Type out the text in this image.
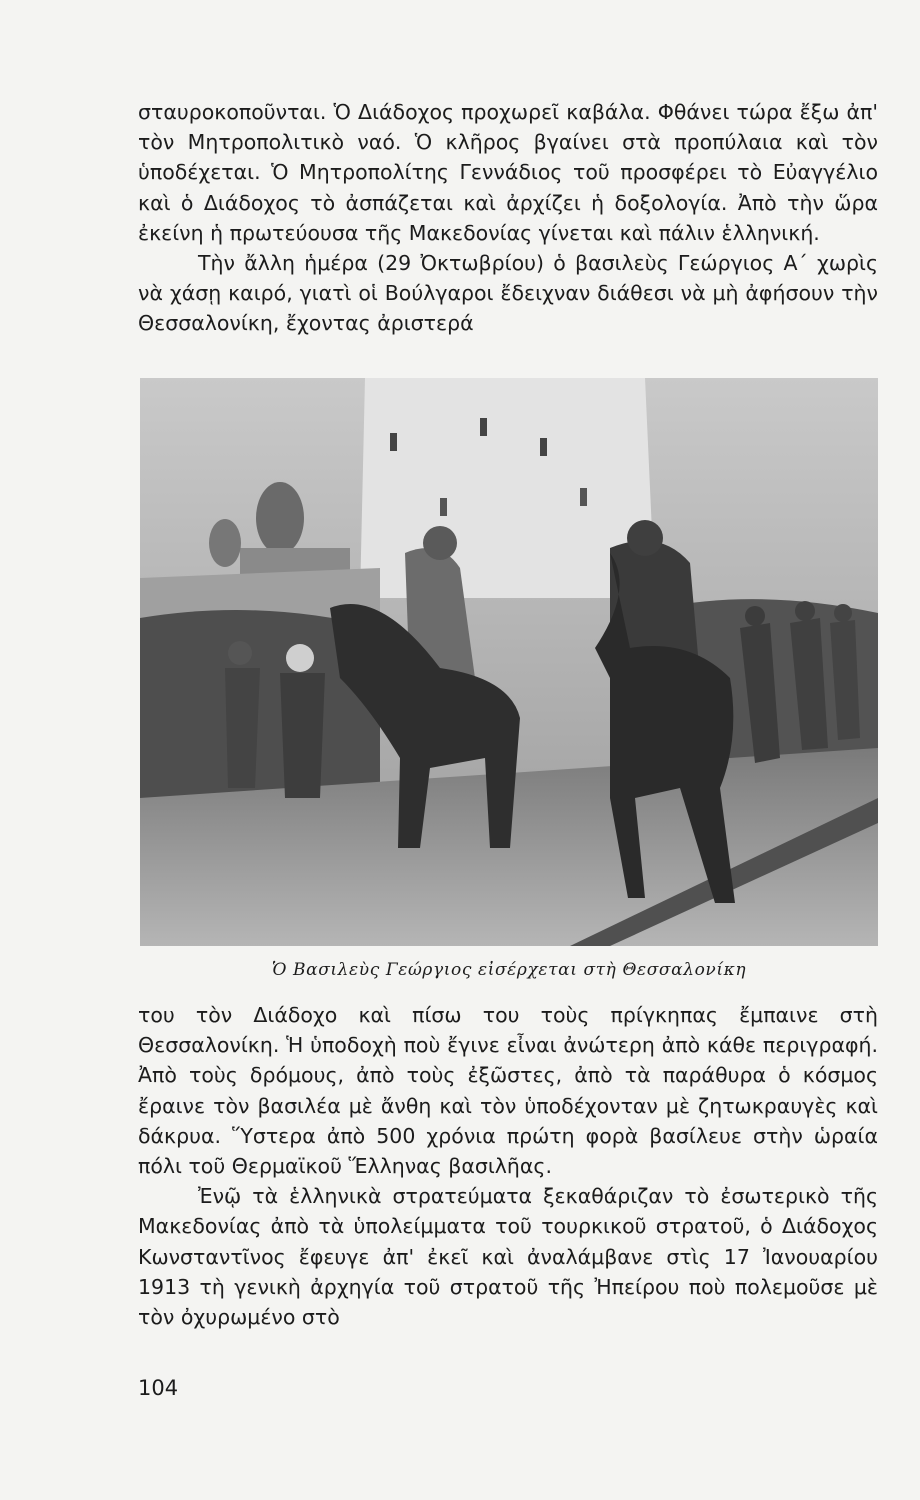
σταυροκοποῦνται. Ὁ Διάδοχος προχωρεῖ καβάλα. Φθάνει τώρα ἔξω ἀπ' τὸν Μητροπολιτικὸ ναό. Ὁ κλῆρος βγαίνει στὰ προπύλαια καὶ τὸν ὑποδέχεται. Ὁ Μητροπολίτης Γεννάδιος τοῦ προσφέρει τὸ Εὐαγγέλιο καὶ ὁ Διάδοχος τὸ ἀσπάζεται καὶ ἀρχίζει ἡ δοξολογία. Ἀπὸ τὴν ὥρα ἐκείνη ἡ πρωτεύουσα τῆς Μακεδονίας γίνεται καὶ πάλιν ἑλληνική.

Τὴν ἄλλη ἡμέρα (29 Ὀκτωβρίου) ὁ βασιλεὺς Γεώργιος Α΄ χωρὶς νὰ χάσῃ καιρό, γιατὶ οἱ Βούλγαροι ἔδειχναν διάθεσι νὰ μὴ ἀφήσουν τὴν Θεσσαλονίκη, ἔχοντας ἀριστερά

Ὁ Βασιλεὺς Γεώργιος εἰσέρχεται στὴ Θεσσαλονίκη

του τὸν Διάδοχο καὶ πίσω του τοὺς πρίγκηπας ἔμπαινε στὴ Θεσσαλονίκη. Ἡ ὑποδοχὴ ποὺ ἔγινε εἶναι ἀνώτερη ἀπὸ κάθε περιγραφή. Ἀπὸ τοὺς δρόμους, ἀπὸ τοὺς ἐξῶστες, ἀπὸ τὰ παράθυρα ὁ κόσμος ἔραινε τὸν βασιλέα μὲ ἄνθη καὶ τὸν ὑποδέχονταν μὲ ζητωκραυγὲς καὶ δάκρυα. Ὕστερα ἀπὸ 500 χρόνια πρώτη φορὰ βασίλευε στὴν ὡραία πόλι τοῦ Θερμαϊκοῦ Ἕλληνας βασιλῆας.

Ἐνῷ τὰ ἑλληνικὰ στρατεύματα ξεκαθάριζαν τὸ ἐσωτερικὸ τῆς Μακεδονίας ἀπὸ τὰ ὑπολείμματα τοῦ τουρκικοῦ στρατοῦ, ὁ Διάδοχος Κωνσταντῖνος ἔφευγε ἀπ' ἐκεῖ καὶ ἀναλάμβανε στὶς 17 Ἰανουαρίου 1913 τὴ γενικὴ ἀρχηγία τοῦ στρατοῦ τῆς Ἠπείρου ποὺ πολεμοῦσε μὲ τὸν ὀχυρωμένο στὸ

104
